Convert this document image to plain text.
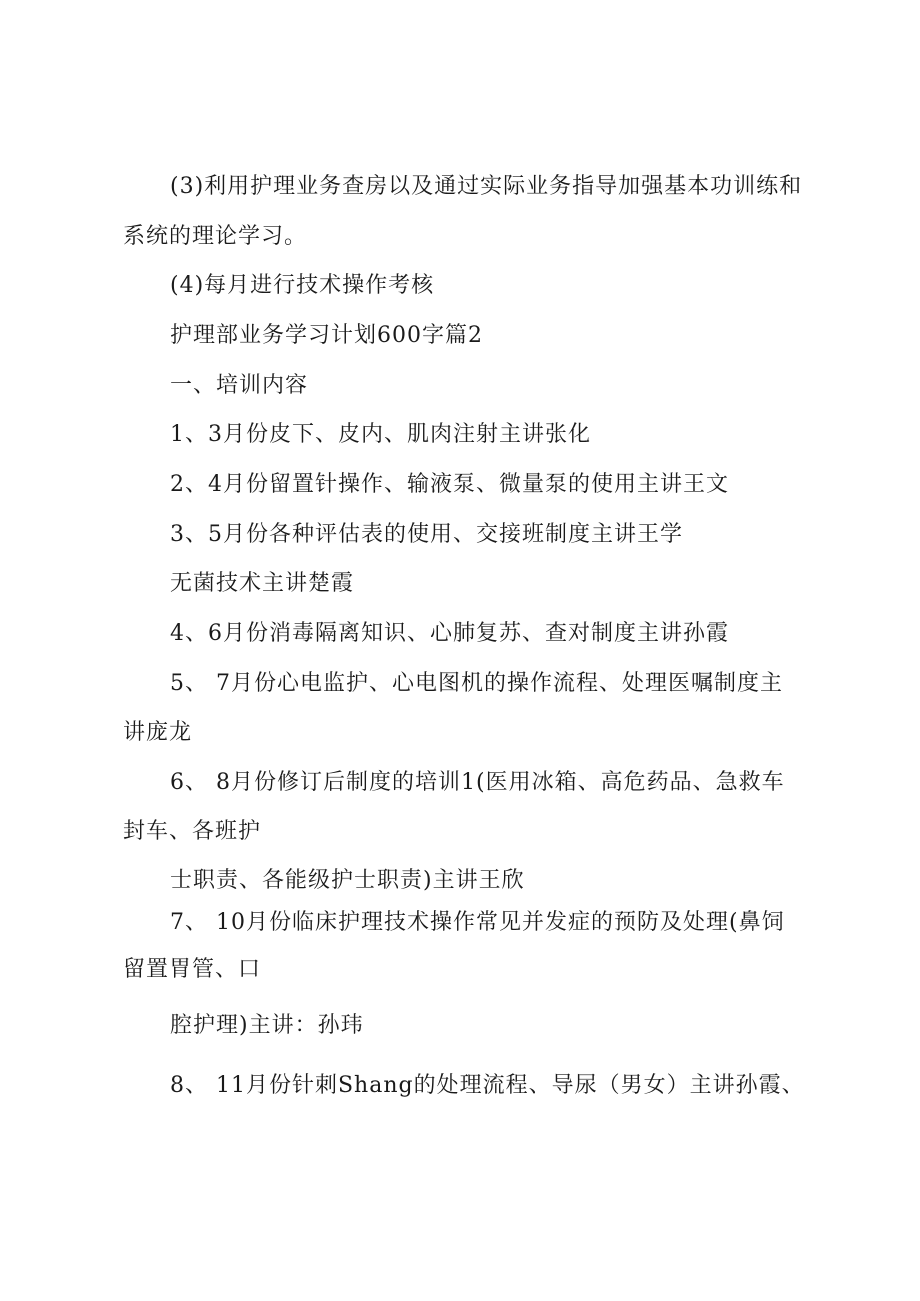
(3)利用护理业务查房以及通过实际业务指导加强基本功训练和
系统的理论学习。
(4)每月进行技术操作考核
护理部业务学习计划600字篇2
一、培训内容
1、3月份皮下、皮内、肌肉注射主讲张化
2、4月份留置针操作、输液泵、微量泵的使用主讲王文
3、5月份各种评估表的使用、交接班制度主讲王学
无菌技术主讲楚霞
4、6月份消毒隔离知识、心肺复苏、查对制度主讲孙霞
5、 7月份心电监护、心电图机的操作流程、处理医嘱制度主
讲庞龙
6、 8月份修订后制度的培训1(医用冰箱、高危药品、急救车
封车、各班护
士职责、各能级护士职责)主讲王欣
7、 10月份临床护理技术操作常见并发症的预防及处理(鼻饲
留置胃管、口
腔护理)主讲：孙玮
8、 11月份针刺Shang的处理流程、导尿（男女）主讲孙霞、
